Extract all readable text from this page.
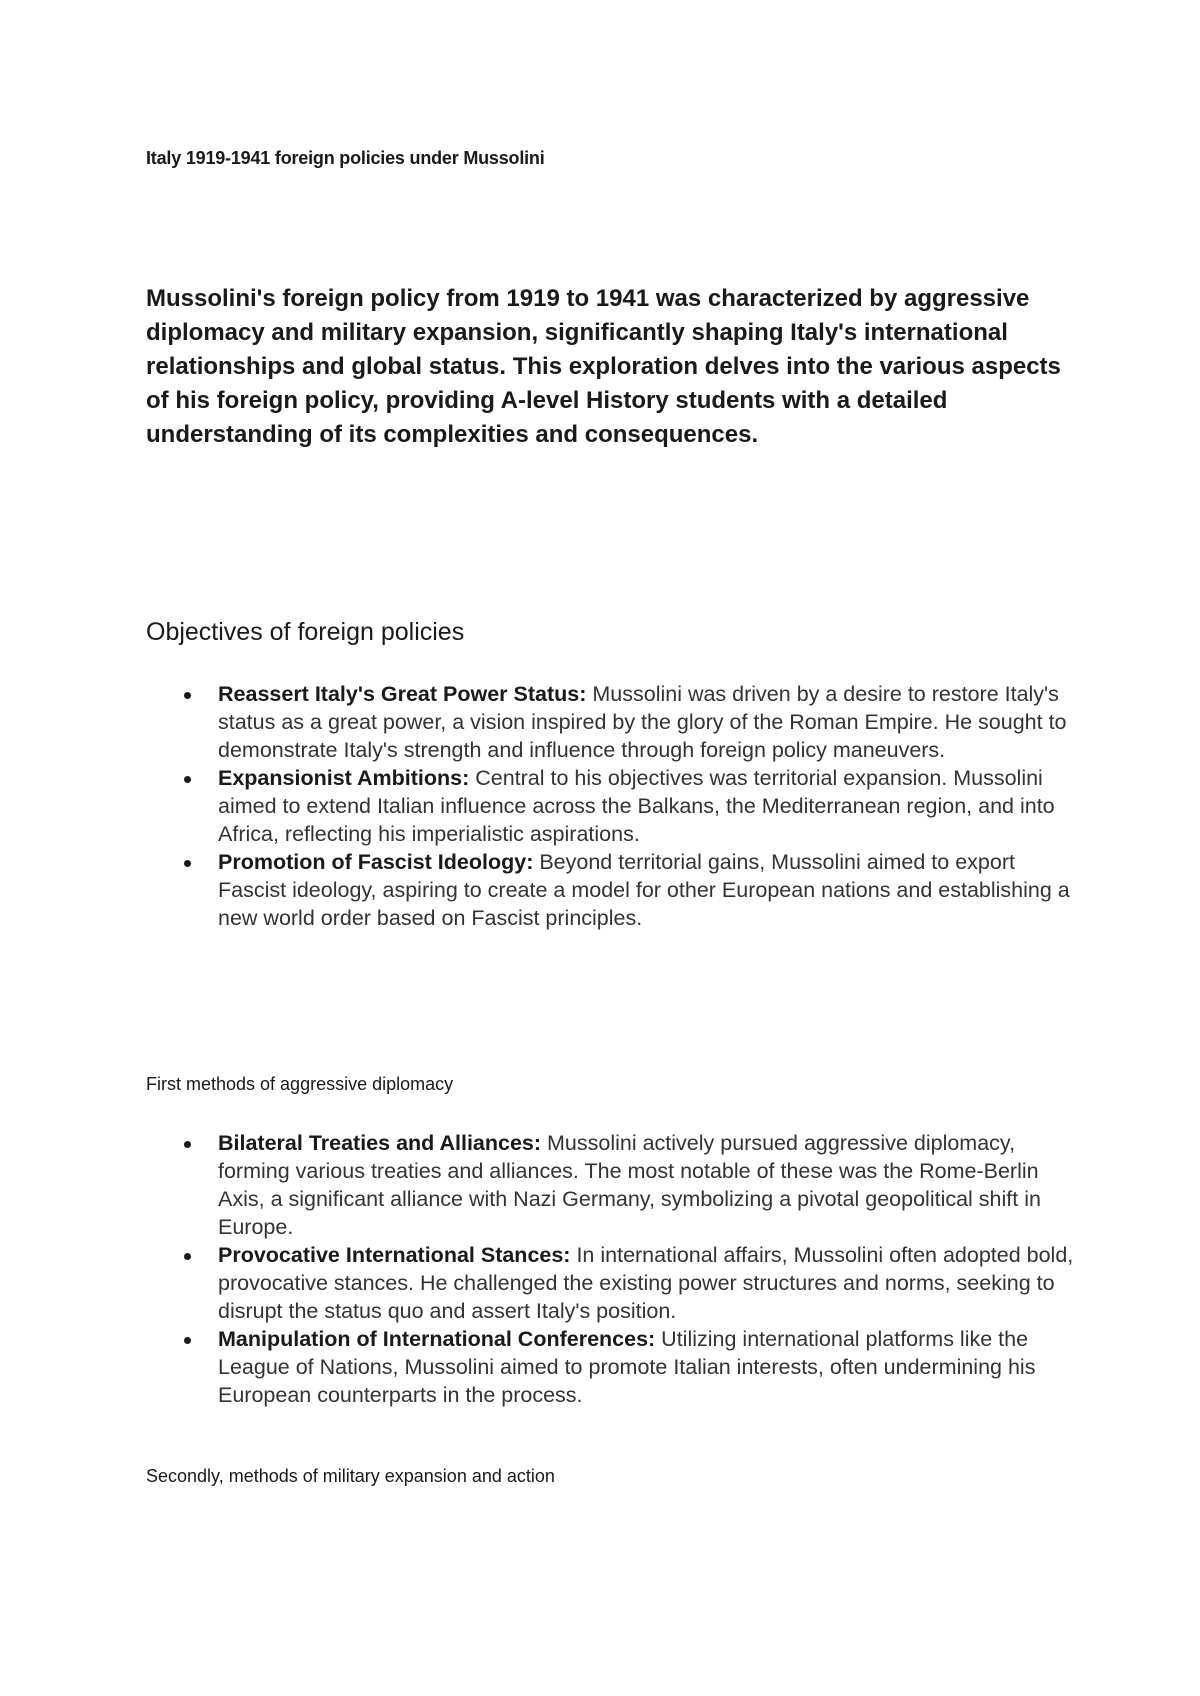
Italy 1919-1941 foreign policies under Mussolini

Mussolini's foreign policy from 1919 to 1941 was characterized by aggressive diplomacy and military expansion, significantly shaping Italy's international relationships and global status. This exploration delves into the various aspects of his foreign policy, providing A-level History students with a detailed understanding of its complexities and consequences.

Objectives of foreign policies
Reassert Italy's Great Power Status: Mussolini was driven by a desire to restore Italy's status as a great power, a vision inspired by the glory of the Roman Empire. He sought to demonstrate Italy's strength and influence through foreign policy maneuvers.
Expansionist Ambitions: Central to his objectives was territorial expansion. Mussolini aimed to extend Italian influence across the Balkans, the Mediterranean region, and into Africa, reflecting his imperialistic aspirations.
Promotion of Fascist Ideology: Beyond territorial gains, Mussolini aimed to export Fascist ideology, aspiring to create a model for other European nations and establishing a new world order based on Fascist principles.
First methods of aggressive diplomacy
Bilateral Treaties and Alliances: Mussolini actively pursued aggressive diplomacy, forming various treaties and alliances. The most notable of these was the Rome-Berlin Axis, a significant alliance with Nazi Germany, symbolizing a pivotal geopolitical shift in Europe.
Provocative International Stances: In international affairs, Mussolini often adopted bold, provocative stances. He challenged the existing power structures and norms, seeking to disrupt the status quo and assert Italy's position.
Manipulation of International Conferences: Utilizing international platforms like the League of Nations, Mussolini aimed to promote Italian interests, often undermining his European counterparts in the process.
Secondly, methods of military expansion and action
